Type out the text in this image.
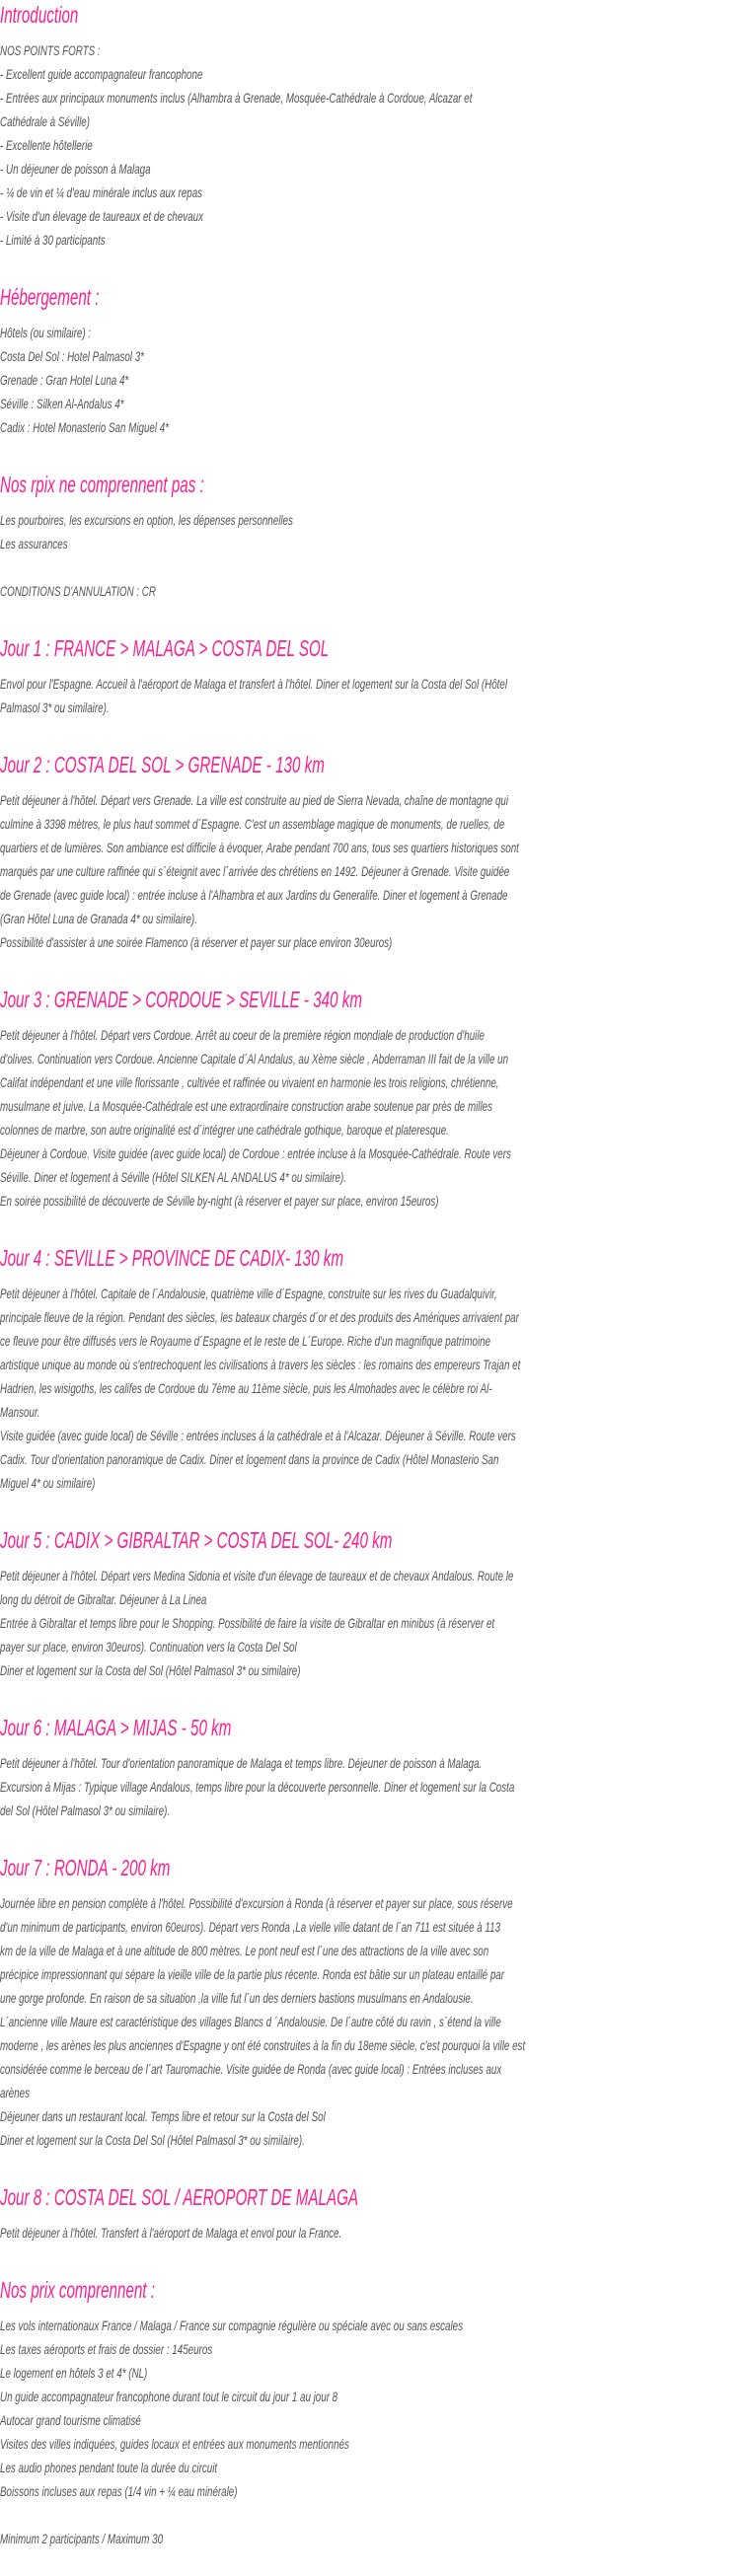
Introduction
NOS POINTS FORTS :
- Excellent guide accompagnateur francophone
- Entrées aux principaux monuments inclus (Alhambra à Grenade, Mosquée-Cathédrale à Cordoue, Alcazar et
Cathédrale à Séville)
- Excellente hôtellerie
- Un déjeuner de poisson à Malaga
- ¼ de vin et ¼ d'eau minérale inclus aux repas
- Visite d'un élevage de taureaux et de chevaux
- Limité à 30 participants
Hébergement :
Hôtels (ou similaire) :
Costa Del Sol : Hotel Palmasol 3*
Grenade : Gran Hotel Luna 4*
Séville : Silken Al-Andalus 4*
Cadix : Hotel Monasterio San Miguel 4*
Nos rpix ne comprennent pas :
Les pourboires, les excursions en option, les dépenses personnelles
Les assurances
CONDITIONS D'ANNULATION : CR
Jour 1 : FRANCE > MALAGA > COSTA DEL SOL
Envol pour l'Espagne. Accueil à l'aéroport de Malaga et transfert à l'hôtel. Diner et logement sur la Costa del Sol (Hôtel
Palmasol 3* ou similaire).
Jour 2 : COSTA DEL SOL > GRENADE - 130 km
Petit déjeuner à l'hôtel. Départ vers Grenade. La ville est construite au pied de Sierra Nevada, chaîne de montagne qui
culmine à 3398 mètres, le plus haut sommet d´Espagne. C'est un assemblage magique de monuments, de ruelles, de
quartiers et de lumières. Son ambiance est difficile à évoquer, Arabe pendant 700 ans, tous ses quartiers historiques sont
marqués par une culture raffinée qui s´éteignit avec l´arrivée des chrétiens en 1492. Déjeuner à Grenade. Visite guidée
de Grenade (avec guide local) : entrée incluse à l'Alhambra et aux Jardins du Generalife. Diner et logement à Grenade
(Gran Hôtel Luna de Granada 4* ou similaire).
Possibilité d'assister à une soirée Flamenco (à réserver et payer sur place environ 30euros)
Jour 3 : GRENADE > CORDOUE > SEVILLE - 340 km
Petit déjeuner à l'hôtel. Départ vers Cordoue. Arrêt au coeur de la première région mondiale de production d'huile
d'olives. Continuation vers Cordoue. Ancienne Capitale d´Al Andalus, au Xème siècle , Abderraman III fait de la ville un
Califat indépendant et une ville florissante , cultivée et raffinée ou vivaient en harmonie les trois religions, chrétienne,
musulmane et juive. La Mosquée-Cathédrale est une extraordinaire construction arabe soutenue par près de milles
colonnes de marbre, son autre originalité est d´intégrer une cathédrale gothique, baroque et plateresque.
Déjeuner à Cordoue. Visite guidée (avec guide local) de Cordoue : entrée incluse à la Mosquée-Cathédrale. Route vers
Séville. Diner et logement à Séville (Hôtel SILKEN AL ANDALUS 4* ou similaire).
En soirée possibilité de découverte de Séville by-night (à réserver et payer sur place, environ 15euros)
Jour 4 : SEVILLE > PROVINCE DE CADIX- 130 km
Petit déjeuner à l'hôtel. Capitale de l´Andalousie, quatrième ville d´Espagne, construite sur les rives du Guadalquivir,
principale fleuve de la région. Pendant des siècles, les bateaux chargés d´or et des produits des Amériques arrivaient par
ce fleuve pour être diffusés vers le Royaume d´Espagne et le reste de L´Europe. Riche d'un magnifique patrimoine
artistique unique au monde où s'entrechoquent les civilisations à travers les siècles : les romains des empereurs Trajan et
Hadrien, les wisigoths, les califes de Cordoue du 7ème au 11ème siècle, puis les Almohades avec le célèbre roi Al-
Mansour.
Visite guidée (avec guide local) de Séville : entrées incluses á la cathédrale et à l'Alcazar. Déjeuner à Séville. Route vers
Cadix. Tour d'orientation panoramique de Cadix. Diner et logement dans la province de Cadix (Hôtel Monasterio San
Miguel 4* ou similaire)
Jour 5 : CADIX > GIBRALTAR > COSTA DEL SOL- 240 km
Petit déjeuner à l'hôtel. Départ vers Medina Sidonia et visite d'un élevage de taureaux et de chevaux Andalous. Route le
long du détroit de Gibraltar. Déjeuner à La Linea
Entrée à Gibraltar et temps libre pour le Shopping. Possibilité de faire la visite de Gibraltar en minibus (à réserver et
payer sur place, environ 30euros). Continuation vers la Costa Del Sol
Diner et logement sur la Costa del Sol (Hôtel Palmasol 3* ou similaire)
Jour 6 : MALAGA > MIJAS - 50 km
Petit déjeuner à l'hôtel. Tour d'orientation panoramique de Malaga et temps libre. Déjeuner de poisson à Malaga.
Excursion à Mijas : Typique village Andalous, temps libre pour la découverte personnelle. Diner et logement sur la Costa
del Sol (Hôtel Palmasol 3* ou similaire).
Jour 7 : RONDA - 200 km
Journée libre en pension complète à l'hôtel. Possibilité d'excursion à Ronda (à réserver et payer sur place, sous réserve
d'un minimum de participants, environ 60euros). Départ vers Ronda ,La vielle ville datant de l´an 711 est située à 113
km de la ville de Malaga et à une altitude de 800 mètres. Le pont neuf est l´une des attractions de la ville avec son
précipice impressionnant qui sépare la vieille ville de la partie plus récente. Ronda est bâtie sur un plateau entaillé par
une gorge profonde. En raison de sa situation ,la ville fut l´un des derniers bastions musulmans en Andalousie.
L´ancienne ville Maure est caractéristique des villages Blancs d ´Andalousie. De l´autre côté du ravin , s´étend la ville
moderne , les arènes les plus anciennes d'Espagne y ont été construites à la fin du 18eme siècle, c'est pourquoi la ville est
considérée comme le berceau de l´art Tauromachie. Visite guidée de Ronda (avec guide local) : Entrées incluses aux
arènes
Déjeuner dans un restaurant local. Temps libre et retour sur la Costa del Sol
Diner et logement sur la Costa Del Sol (Hôtel Palmasol 3* ou similaire).
Jour 8 : COSTA DEL SOL / AEROPORT DE MALAGA
Petit déjeuner à l'hôtel. Transfert à l'aéroport de Malaga et envol pour la France.
Nos prix comprennent :
Les vols internationaux France / Malaga / France sur compagnie régulière ou spéciale avec ou sans escales
Les taxes aéroports et frais de dossier : 145euros
Le logement en hôtels 3 et 4* (NL)
Un guide accompagnateur francophone durant tout le circuit du jour 1 au jour 8
Autocar grand tourisme climatisé
Visites des villes indiquées, guides locaux et entrées aux monuments mentionnés
Les audio phones pendant toute la durée du circuit
Boissons incluses aux repas (1/4 vin + ¼ eau minérale)
Minimum 2 participants / Maximum 30
